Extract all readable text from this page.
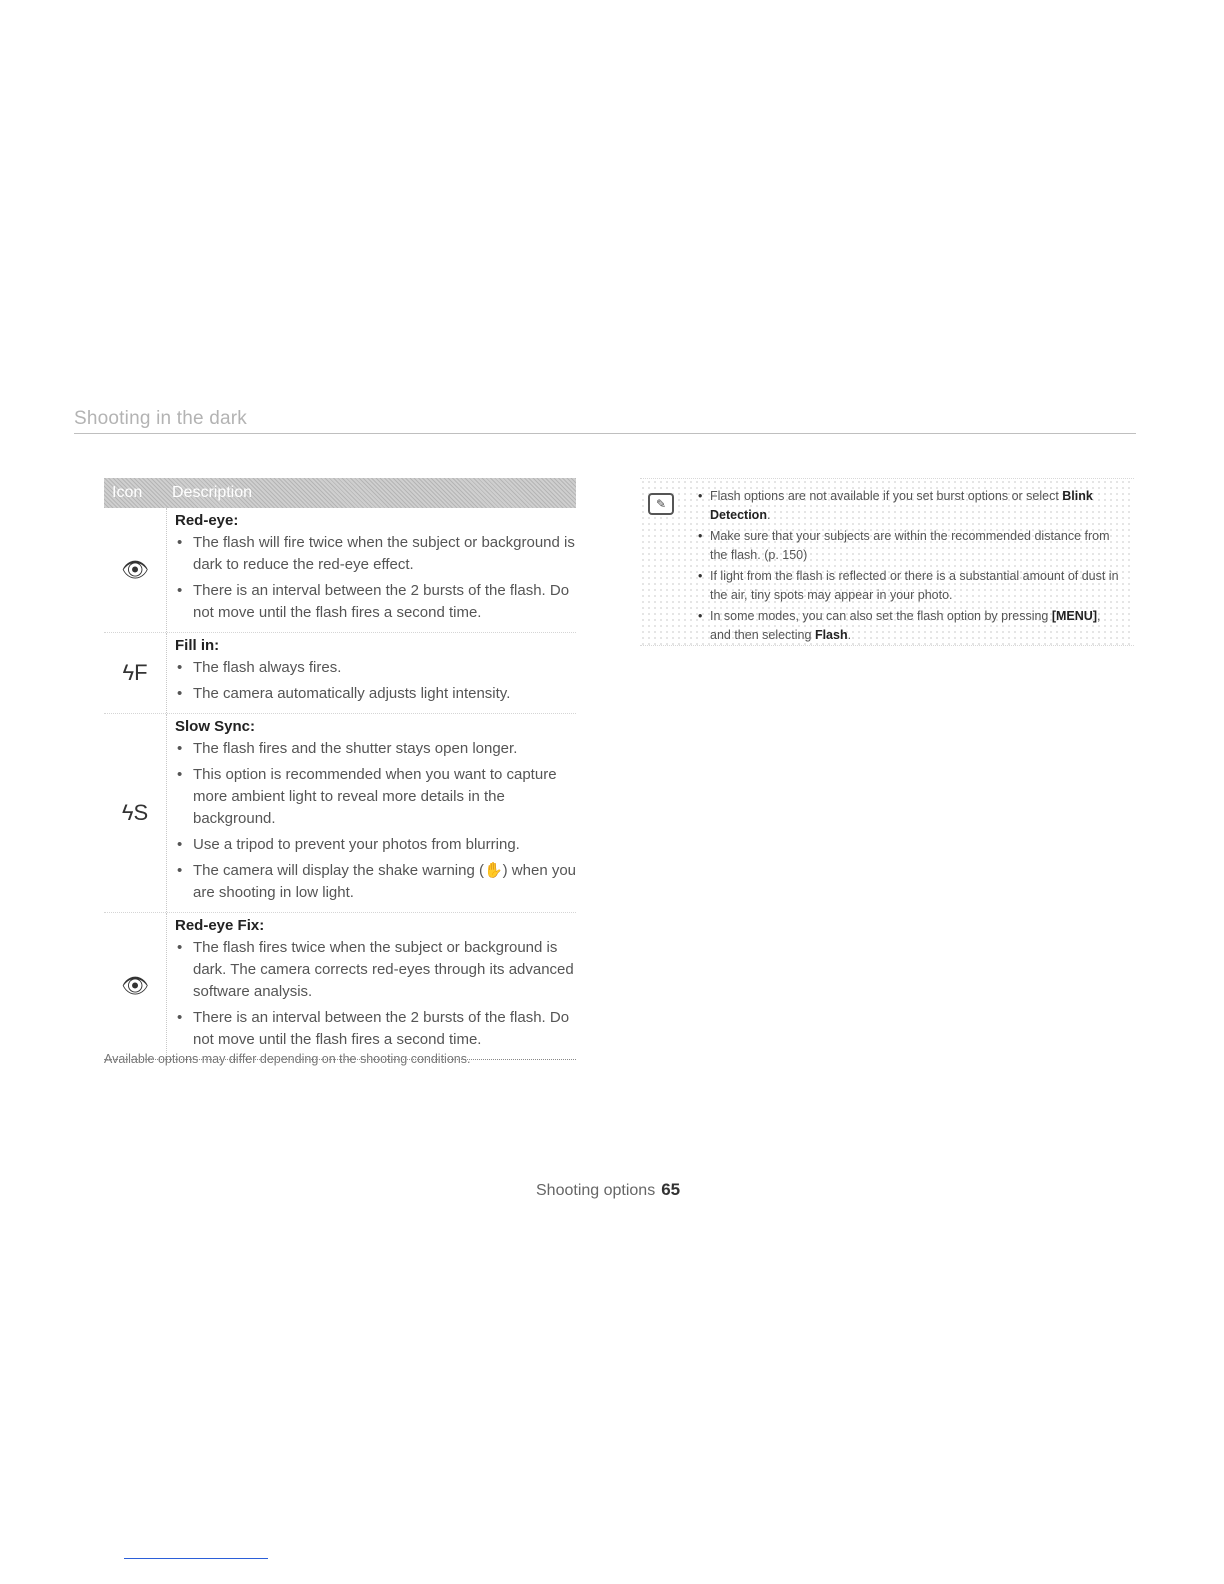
Shooting in the dark
Icon	Description
👁
Red-eye:
• The flash will fire twice when the subject or background is dark to reduce the red-eye effect.
• There is an interval between the 2 bursts of the flash. Do not move until the flash fires a second time.
ϟF
Fill in:
• The flash always fires.
• The camera automatically adjusts light intensity.
ϟS
Slow Sync:
• The flash fires and the shutter stays open longer.
• This option is recommended when you want to capture more ambient light to reveal more details in the background.
• Use a tripod to prevent your photos from blurring.
• The camera will display the shake warning (✋) when you are shooting in low light.
👁
Red-eye Fix:
• The flash fires twice when the subject or background is dark. The camera corrects red-eyes through its advanced software analysis.
• There is an interval between the 2 bursts of the flash. Do not move until the flash fires a second time.
Available options may differ depending on the shooting conditions.
✎
• Flash options are not available if you set burst options or select Blink Detection.
• Make sure that your subjects are within the recommended distance from the flash. (p. 150)
• If light from the flash is reflected or there is a substantial amount of dust in the air, tiny spots may appear in your photo.
• In some modes, you can also set the flash option by pressing [MENU], and then selecting Flash.
Shooting options 65
